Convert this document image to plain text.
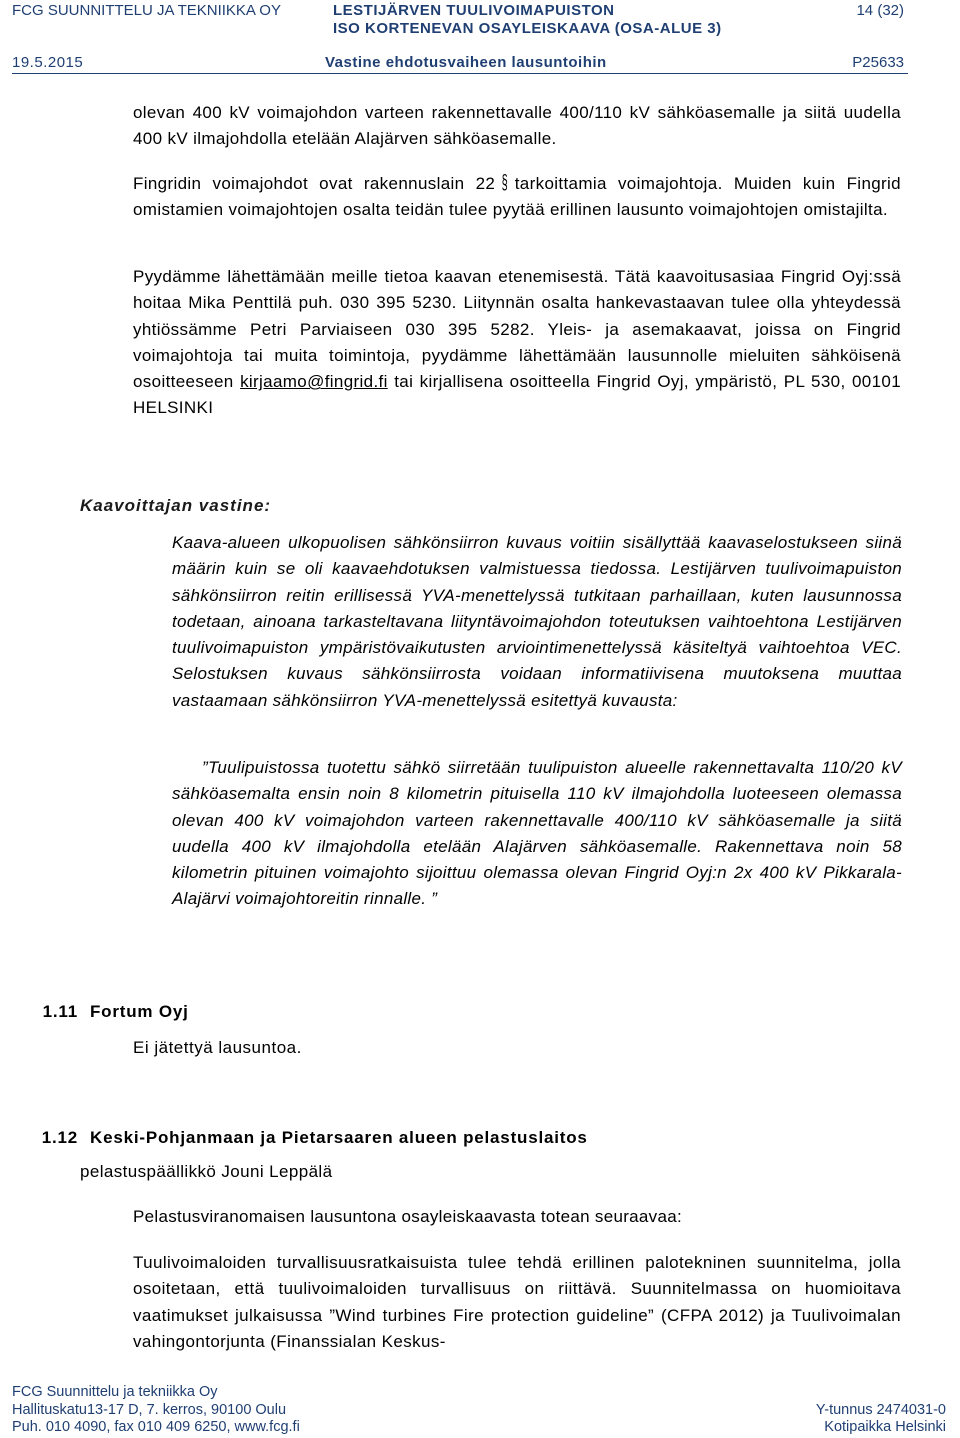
FCG SUUNNITTELU JA TEKNIIKKA OY	LESTIJÄRVEN TUULIVOIMAPUISTON
ISO KORTENEVAN OSAYLEISKAAVA (OSA-ALUE 3)
14 (32)
19.5.2015	Vastine ehdotusvaiheen lausuntoihin	P25633
olevan 400 kV voimajohdon varteen rakennettavalle 400/110 kV sähköasemalle ja siitä uudella 400 kV ilmajohdolla etelään Alajärven sähköasemalle.
Fingridin voimajohdot ovat rakennuslain 22 § tarkoittamia voimajohtoja. Muiden kuin Fingrid omistamien voimajohtojen osalta teidän tulee pyytää erillinen lausunto voimajohtojen omistajilta.
Pyydämme lähettämään meille tietoa kaavan etenemisestä. Tätä kaavoitusasiaa Fingrid Oyj:ssä hoitaa Mika Penttilä puh. 030 395 5230. Liitynnän osalta hankevastaavan tulee olla yhteydessä yhtiössämme Petri Parviaiseen 030 395 5282. Yleis- ja asemakaavat, joissa on Fingrid voimajohtoja tai muita toimintoja, pyydämme lähettämään lausunnolle mieluiten sähköisenä osoitteeseen kirjaamo@fingrid.fi tai kirjallisena osoitteella Fingrid Oyj, ympäristö, PL 530, 00101 HELSINKI
Kaavoittajan vastine:
Kaava-alueen ulkopuolisen sähkönsiirron kuvaus voitiin sisällyttää kaavaselostukseen siinä määrin kuin se oli kaavaehdotuksen valmistuessa tiedossa. Lestijärven tuulivoimapuiston sähkönsiirron reitin erillisessä YVA-menettelyssä tutkitaan parhaillaan, kuten lausunnossa todetaan, ainoana tarkasteltavana liityntävoimajohdon toteutuksen vaihtoehtona Lestijärven tuulivoimapuiston ympäristövaikutusten arviointimenettelyssä käsiteltyä vaihtoehtoa VEC. Selostuksen kuvaus sähkönsiirrosta voidaan informatiivisena muutoksena muuttaa vastaamaan sähkönsiirron YVA-menettelyssä esitettyä kuvausta:
”Tuulipuistossa tuotettu sähkö siirretään tuulipuiston alueelle rakennettavalta 110/20 kV sähköasemalta ensin noin 8 kilometrin pituisella 110 kV ilmajohdolla luoteeseen olemassa olevan 400 kV voimajohdon varteen rakennettavalle 400/110 kV sähköasemalle ja siitä uudella 400 kV ilmajohdolla etelään Alajärven sähköasemalle. Rakennettava noin 58 kilometrin pituinen voimajohto sijoittuu olemassa olevan Fingrid Oyj:n 2x 400 kV Pikkarala-Alajärvi voimajohtoreitin rinnalle. ”
1.11 Fortum Oyj
Ei jätettyä lausuntoa.
1.12 Keski-Pohjanmaan ja Pietarsaaren alueen pelastuslaitos
pelastuspäällikkö Jouni Leppälä
Pelastusviranomaisen lausuntona osayleiskaavasta totean seuraavaa:
Tuulivoimaloiden turvallisuusratkaisuista tulee tehdä erillinen palotekninen suunnitelma, jolla osoitetaan, että tuulivoimaloiden turvallisuus on riittävä. Suunnitelmassa on huomioitava vaatimukset julkaisussa ”Wind turbines Fire protection guideline” (CFPA 2012) ja Tuulivoimalan vahingontorjunta (Finanssialan Keskus-
FCG Suunnittelu ja tekniikka Oy
Hallituskatu13-17 D, 7. kerros, 90100 Oulu
Puh. 010 4090, fax 010 409 6250, www.fcg.fi
Y-tunnus 2474031-0
Kotipaikka Helsinki
